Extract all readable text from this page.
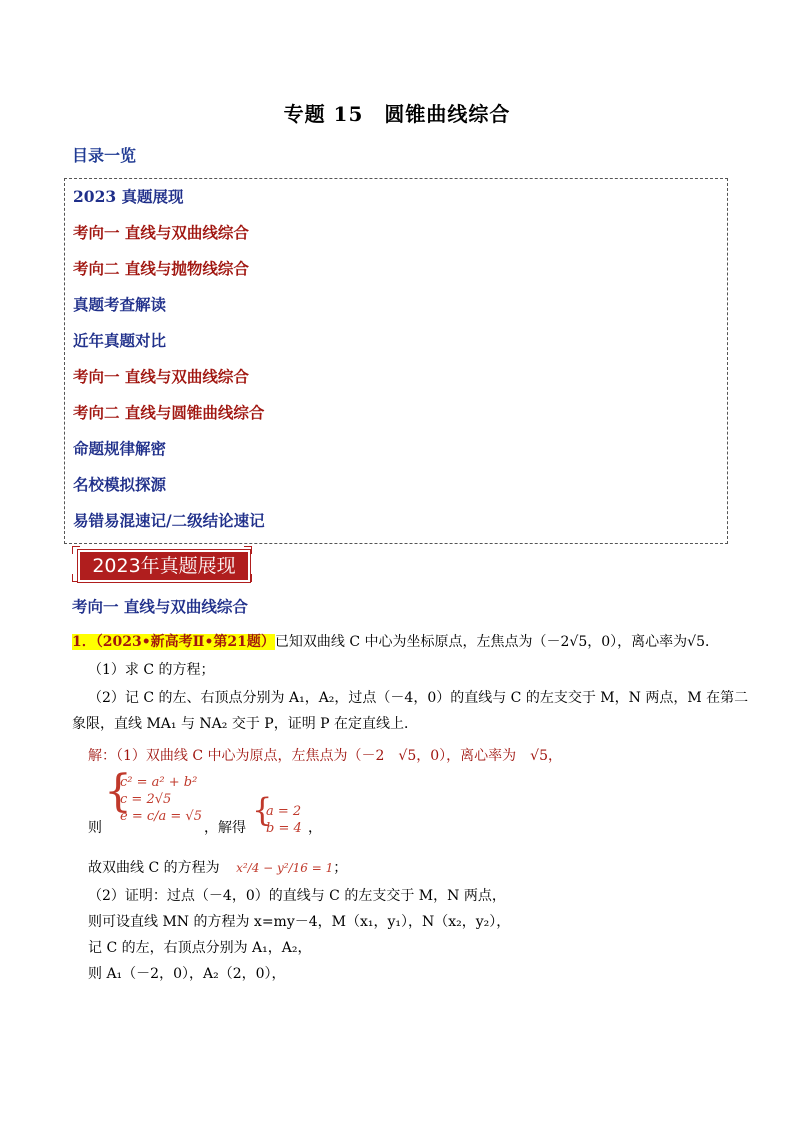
专题 15　圆锥曲线综合
目录一览
2023 真题展现
考向一 直线与双曲线综合
考向二 直线与抛物线综合
真题考查解读
近年真题对比
考向一 直线与双曲线综合
考向二 直线与圆锥曲线综合
命题规律解密
名校模拟探源
易错易混速记/二级结论速记
2023年真题展现
考向一 直线与双曲线综合
1．（2023•新高考Ⅱ•第21题）已知双曲线 C 中心为坐标原点，左焦点为（－2√5，0），离心率为√5．
（1）求 C 的方程；
（2）记 C 的左、右顶点分别为 A₁，A₂，过点（－4，0）的直线与 C 的左支交于 M，N 两点，M 在第二
象限，直线 MA₁ 与 NA₂ 交于 P，证明 P 在定直线上．
解：（1）双曲线 C 中心为原点，左焦点为（－2　√5，0），离心率为　√5，
则
{
c² = a² + b²
c = 2√5
e = c/a = √5
，解得 {
a = 2
b = 4 ，
故双曲线 C 的方程为 x²/4 − y²/16 = 1；
（2）证明：过点（－4，0）的直线与 C 的左支交于 M，N 两点，
则可设直线 MN 的方程为 x=my－4，M（x₁，y₁），N（x₂，y₂），
记 C 的左，右顶点分别为 A₁，A₂，
则 A₁（－2，0），A₂（2，0），
